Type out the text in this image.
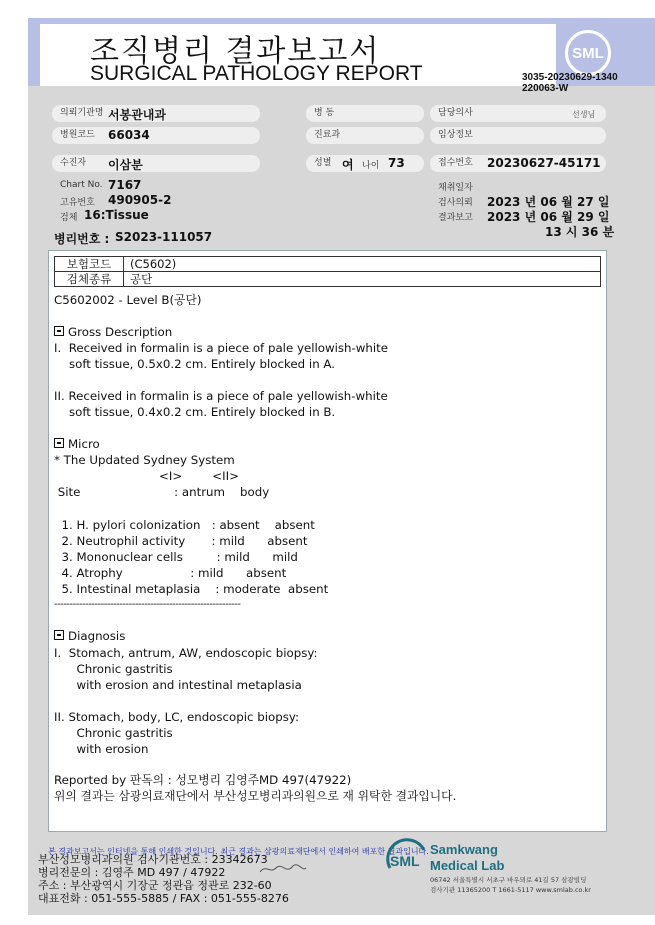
조직병리 결과보고서
SURGICAL PATHOLOGY REPORT
SML
3035-20230629-1340
220063-W
의뢰기관명 서봉관내과	병 동	담당의사	선생님
병원코드	66034	진료과	임상정보
수진자	이삼분	성별 여 나이 73	접수번호	20230627-45171
Chart No. 7167
고유번호 490905-2
검체 16:Tissue
병리번호 : S2023-111057
채취일자
검사의뢰 2023 년 06 월 27 일
결과보고 2023 년 06 월 29 일
13 시 36 분
보험코드	(C5602)
검체종류	공단
C5602002 - Level B(공단)
Gross Description
I.  Received in formalin is a piece of pale yellowish-white
soft tissue, 0.5x0.2 cm. Entirely blocked in A.
II. Received in formalin is a piece of pale yellowish-white
soft tissue, 0.4x0.2 cm. Entirely blocked in B.
Micro
* The Updated Sydney System
<I>        <II>
Site                         : antrum    body
1. H. pylori colonization   : absent    absent
2. Neutrophil activity       : mild      absent
3. Mononuclear cells         : mild      mild
4. Atrophy                  : mild      absent
5. Intestinal metaplasia    : moderate  absent
------------------------------------------------------------
Diagnosis
I.  Stomach, antrum, AW, endoscopic biopsy:
Chronic gastritis
with erosion and intestinal metaplasia
II. Stomach, body, LC, endoscopic biopsy:
Chronic gastritis
with erosion
Reported by 판독의 : 성모병리 김영주MD 497(47922)
위의 결과는 삼광의료재단에서 부산성모병리과의원으로 재 위탁한 결과입니다.
본 결과보고서는 인터넷을 통해 인쇄한 것입니다. 최근 결과는 삼광의료재단에서 인쇄하여 배포한 결과입니다.
부산성모병리과의원 검사기관번호 : 23342673
병리전문의 : 김영주 MD 497 / 47922
주소 : 부산광역시 기장군 정관읍 정관로 232-60
대표전화 : 051-555-5885 / FAX : 051-555-8276
SML
Samkwang
Medical Lab
06742 서울특별시 서초구 바우뫼로 41길 57 삼광빌딩
검사기관 11365200 T 1661-5117 www.smlab.co.kr
